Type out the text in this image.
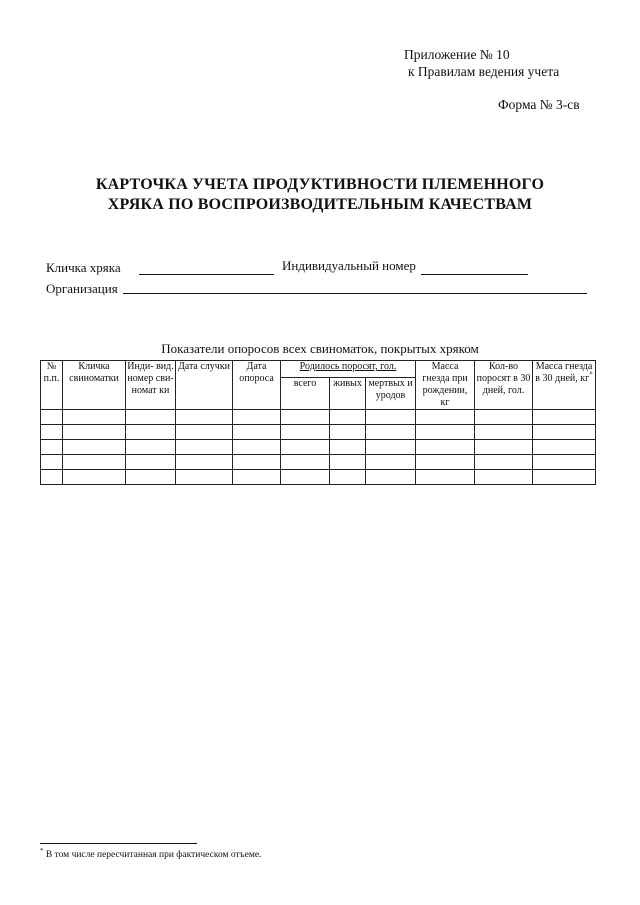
Приложение № 10
к Правилам ведения учета
Форма № 3-св
КАРТОЧКА УЧЕТА ПРОДУКТИВНОСТИ ПЛЕМЕННОГО
ХРЯКА ПО ВОСПРОИЗВОДИТЕЛЬНЫМ КАЧЕСТВАМ
Кличка хряка	Индивидуальный номер
Организация
Показатели опоросов всех свиноматок, покрытых хряком
№ п.п.	Кличка свиноматки	Инди- вид. номер сви- номат ки	Дата случки	Дата опороса	Родилось поросят, гол.			Масса гнезда при рождении, кг	Кол-во поросят в 30 дней, гол.	Масса гнезда в 30 дней, кг*
					всего	живых	мертвых и уродов			

* В том числе пересчитанная при фактическом отъеме.
